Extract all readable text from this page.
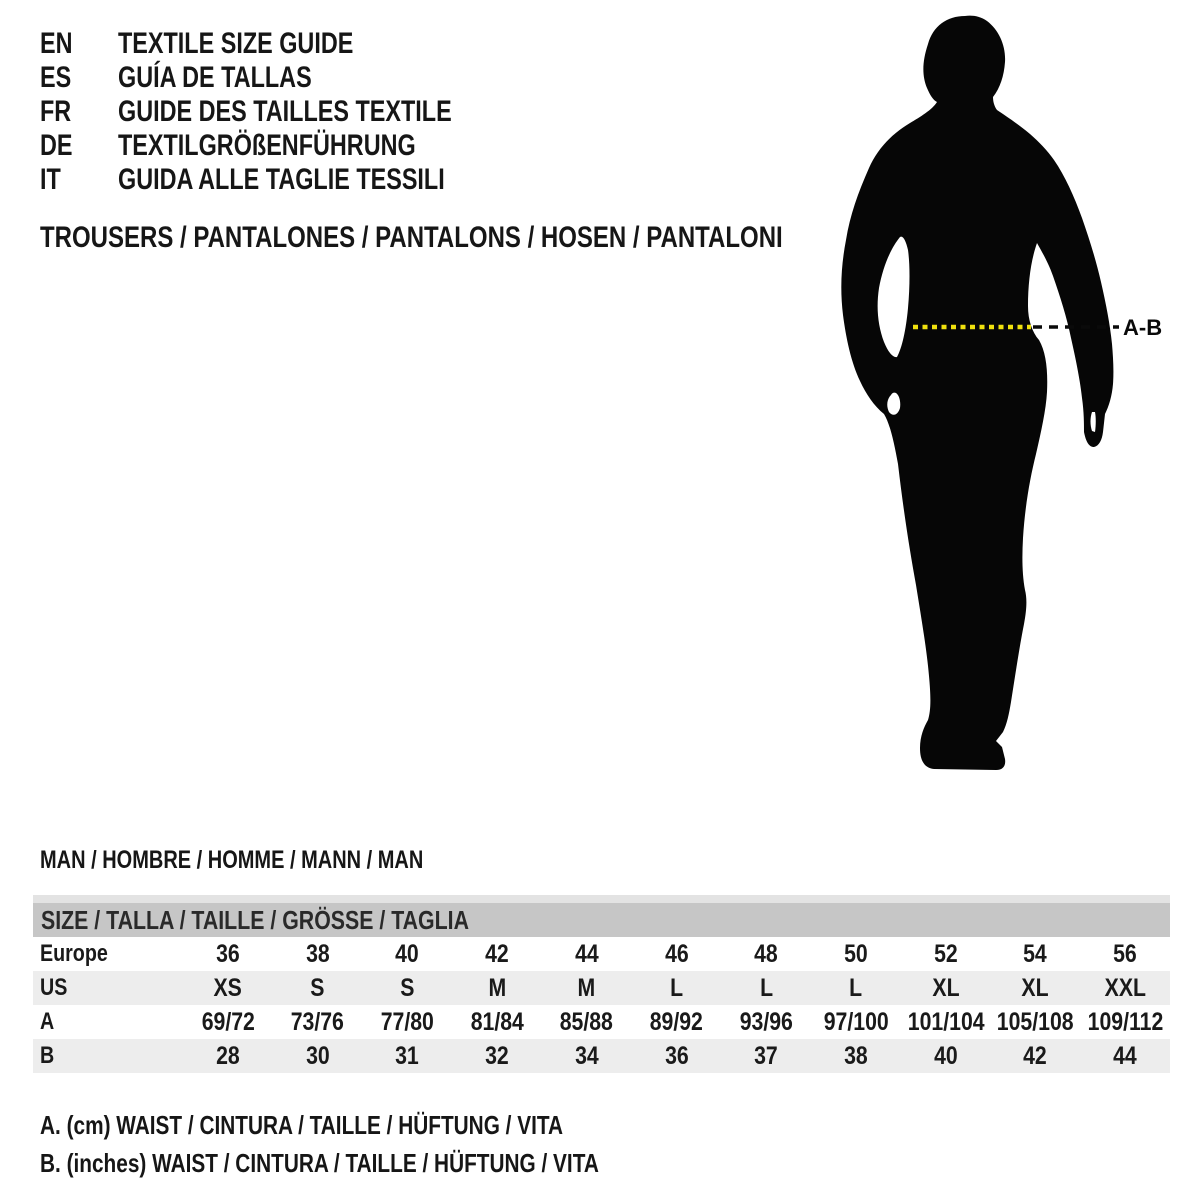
EN TEXTILE SIZE GUIDE
ES GUÍA DE TALLAS
FR GUIDE DES TAILLES TEXTILE
DE TEXTILGRÖßENFÜHRUNG
IT GUIDA ALLE TAGLIE TESSILI
TROUSERS / PANTALONES / PANTALONS / HOSEN / PANTALONI
A-B
MAN / HOMBRE / HOMME / MANN / MAN
SIZE / TALLA / TAILLE / GRÖSSE / TAGLIA
Europe	36	38	40	42	44	46	48	50	52	54	56
US	XS	S	S	M	M	L	L	L	XL	XL	XXL
A	69/72	73/76	77/80	81/84	85/88	89/92	93/96	97/100	101/104	105/108	109/112
B	28	30	31	32	34	36	37	38	40	42	44
A. (cm) WAIST / CINTURA / TAILLE / HÜFTUNG / VITA
B. (inches) WAIST / CINTURA / TAILLE / HÜFTUNG / VITA
